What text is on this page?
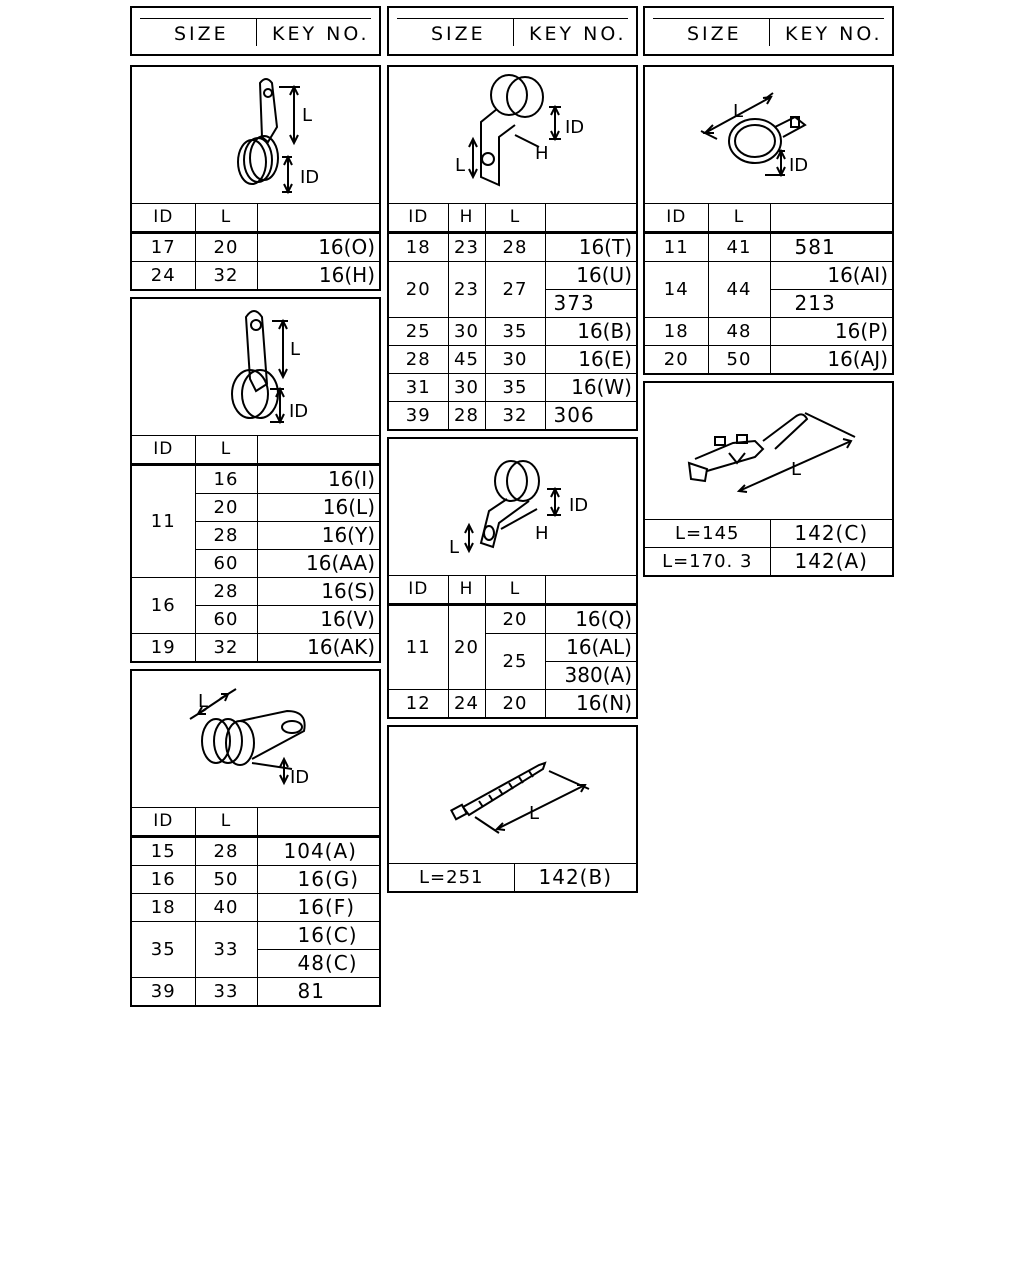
SIZE KEY NO.
L
ID
ID	L	
17	20	16(O)
24	32	16(H)
L
ID
ID	L	
11	16	16(I)
	20	16(L)
	28	16(Y)
	60	16(AA)
16	28	16(S)
	60	16(V)
19	32	16(AK)
L
ID
ID	L	
15	28	104(A)
16	50	16(G)
18	40	16(F)
35	33	16(C)
		48(C)
39	33	81
SIZE KEY NO.
L
ID
H
ID	H	L	
18	23	28	16(T)
20	23	27	16(U)
			373
25	30	35	16(B)
28	45	30	16(E)
31	30	35	16(W)
39	28	32	306
L
ID
H
ID	H	L	
11	20	20	16(Q)
		25	16(AL)
			380(A)
12	24	20	16(N)
L
L=251	142(B)
SIZE KEY NO.
L
ID
ID	L	
11	41	581
14	44	16(AI)
		213
18	48	16(P)
20	50	16(AJ)
L
L=145	142(C)
L=170. 3	142(A)
